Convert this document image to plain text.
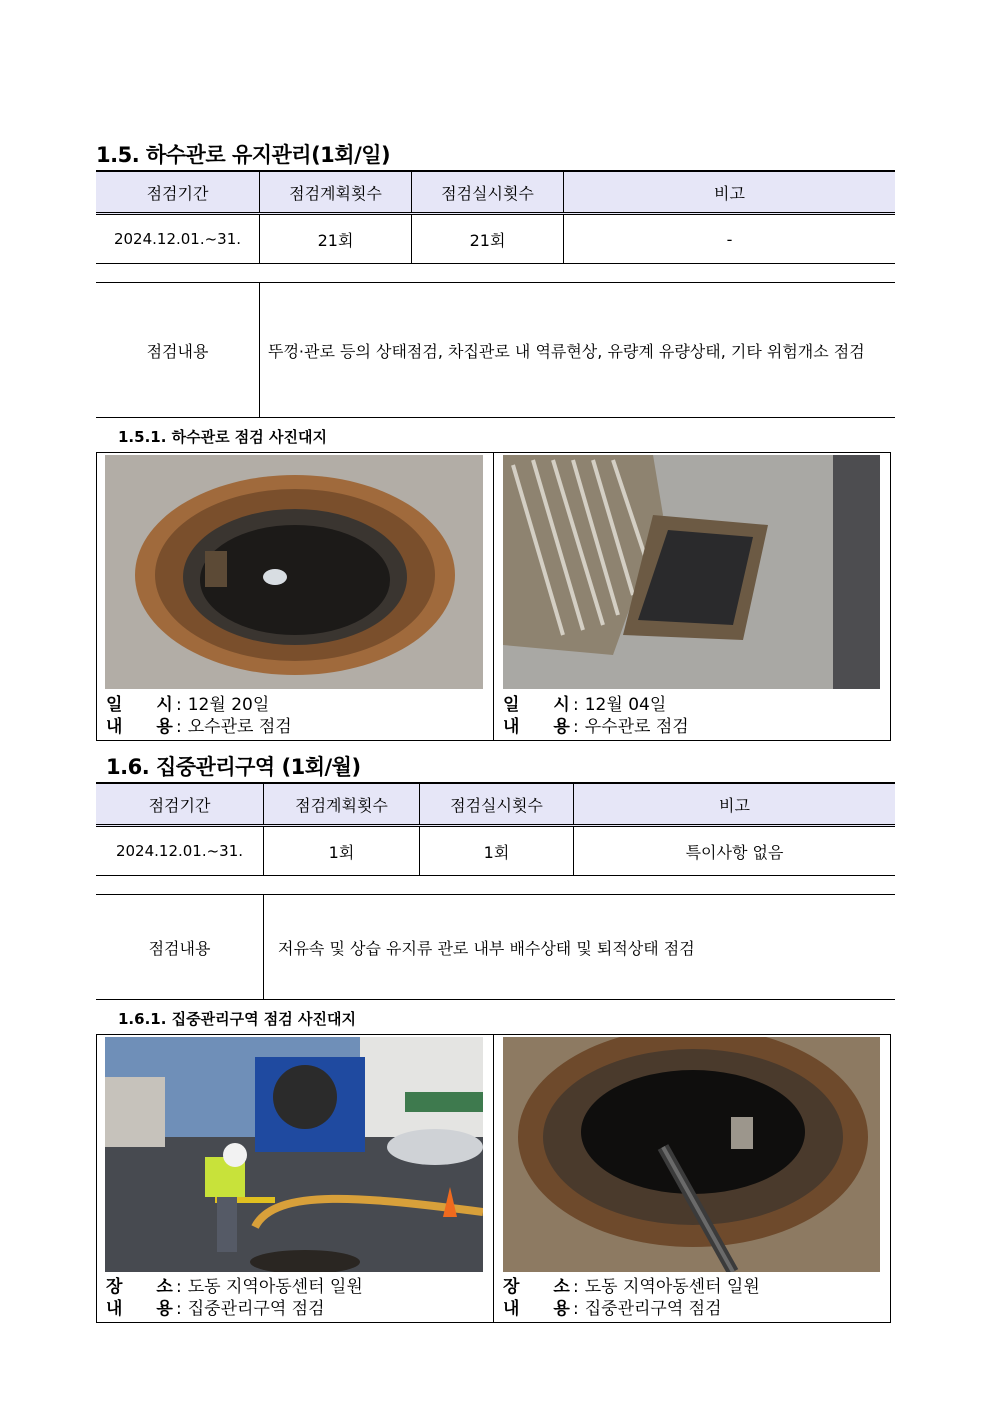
1.5. 하수관로 유지관리(1회/일)
점검기간	점검계획횟수	점검실시횟수	비고
2024.12.01.~31.	21회	21회	-
점검내용	뚜껑·관로 등의 상태점검, 차집관로 내 역류현상, 유량계 유량상태, 기타 위험개소 점검
1.5.1. 하수관로 점검 사진대지
일　　시 : 12월 20일
내　　용 : 오수관로 점검
일　　시 : 12월 04일
내　　용 : 우수관로 점검
1.6. 집중관리구역 (1회/월)
점검기간	점검계획횟수	점검실시횟수	비고
2024.12.01.~31.	1회	1회	특이사항 없음
점검내용	저유속 및 상습 유지류 관로 내부 배수상태 및 퇴적상태 점검
1.6.1. 집중관리구역 점검 사진대지
장　　소 : 도동 지역아동센터 일원
내　　용 : 집중관리구역 점검
장　　소 : 도동 지역아동센터 일원
내　　용 : 집중관리구역 점검
